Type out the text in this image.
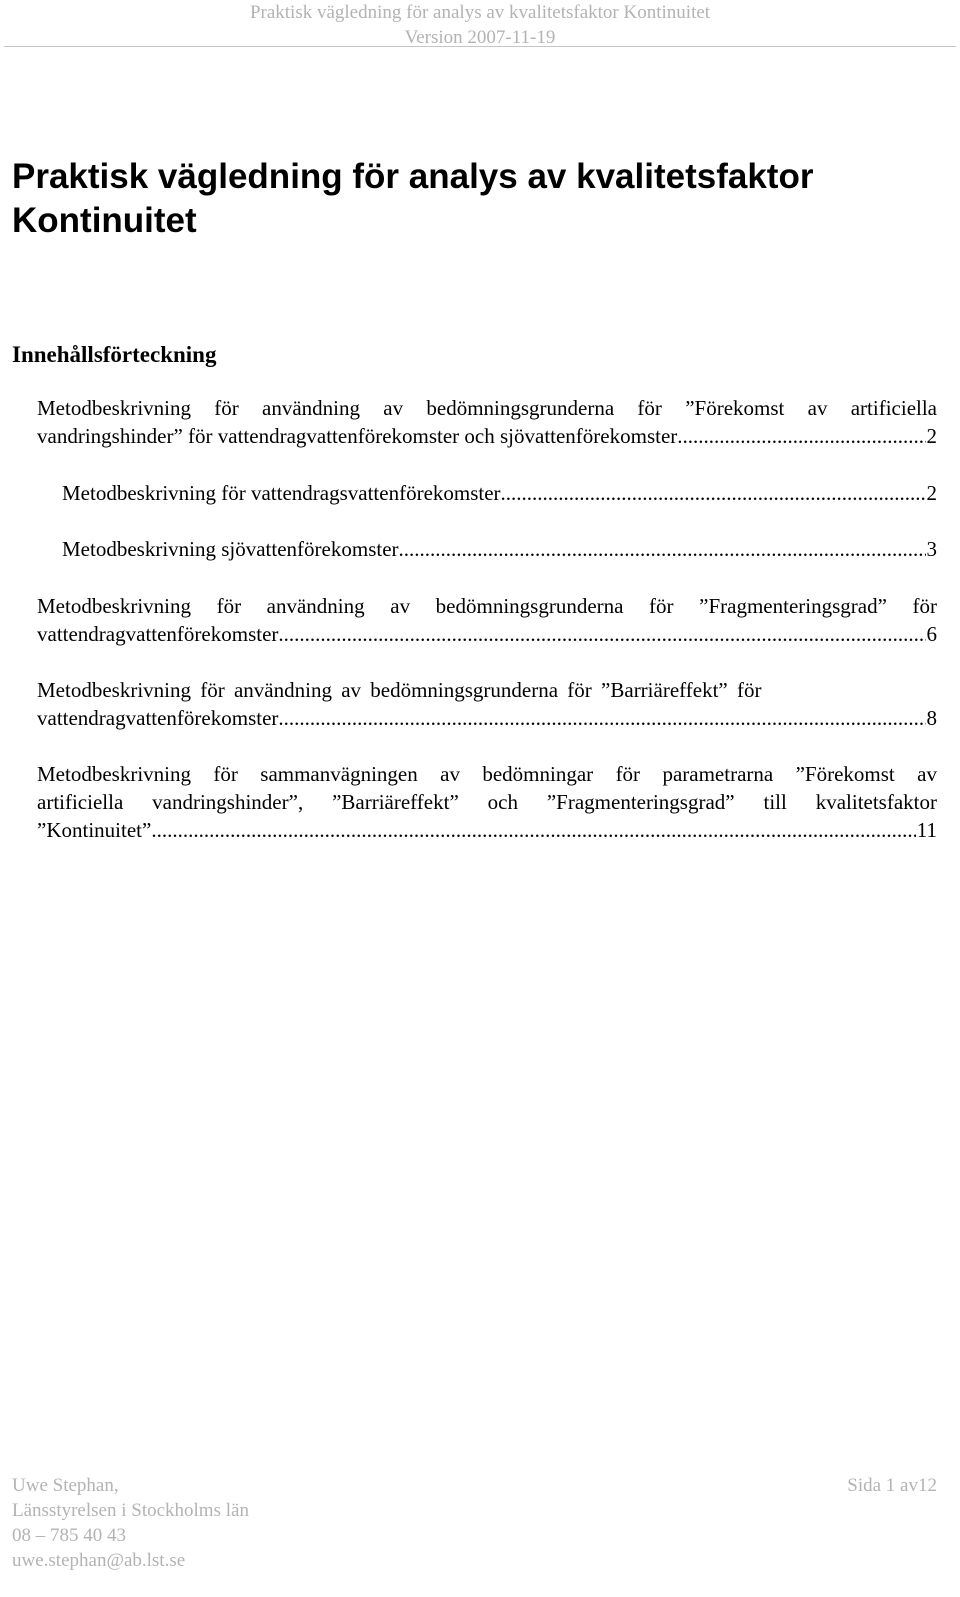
Praktisk vägledning för analys av kvalitetsfaktor Kontinuitet
Version 2007-11-19
Praktisk vägledning för analys av kvalitetsfaktor Kontinuitet
Innehållsförteckning
Metodbeskrivning för användning av bedömningsgrunderna för ”Förekomst av artificiella
vandringshinder” för vattendragvattenförekomster och sjövattenförekomster .....	2
Metodbeskrivning för vattendragsvattenförekomster .....	2
Metodbeskrivning sjövattenförekomster .....	3
Metodbeskrivning för användning av bedömningsgrunderna för ”Fragmenteringsgrad” för
vattendragvattenförekomster .....	6
Metodbeskrivning för användning av bedömningsgrunderna för ”Barriäreffekt” för
vattendragvattenförekomster .....	8
Metodbeskrivning för sammanvägningen av bedömningar för parametrarna ”Förekomst av
artificiella vandringshinder”, ”Barriäreffekt” och ”Fragmenteringsgrad” till kvalitetsfaktor
”Kontinuitet” .....	11
Uwe Stephan,
Länsstyrelsen i Stockholms län
08 – 785 40 43
uwe.stephan@ab.lst.se
Sida 1 av12
